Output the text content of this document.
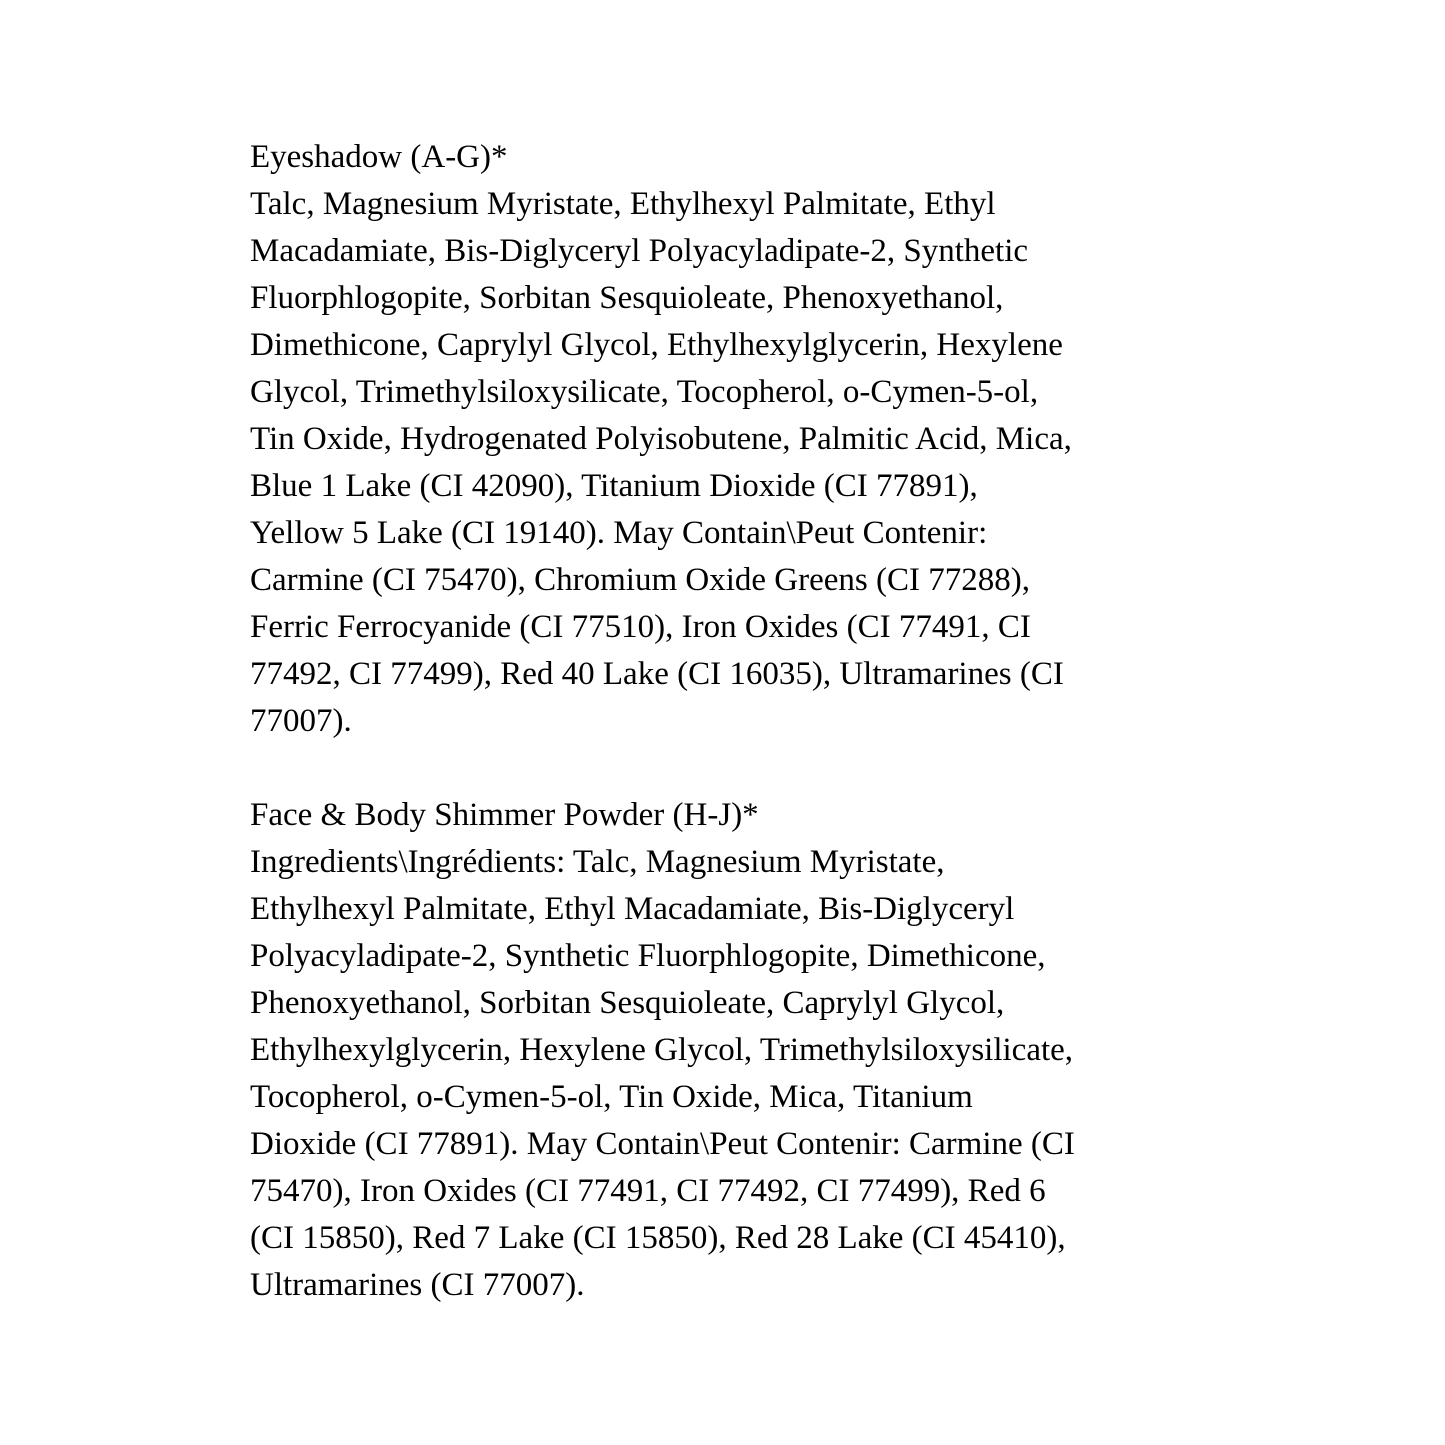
Eyeshadow (A-G)*
Talc, Magnesium Myristate, Ethylhexyl Palmitate, Ethyl
Macadamiate, Bis-Diglyceryl Polyacyladipate-2, Synthetic
Fluorphlogopite, Sorbitan Sesquioleate, Phenoxyethanol,
Dimethicone, Caprylyl Glycol, Ethylhexylglycerin, Hexylene
Glycol, Trimethylsiloxysilicate, Tocopherol, o-Cymen-5-ol,
Tin Oxide, Hydrogenated Polyisobutene, Palmitic Acid, Mica,
Blue 1 Lake (CI 42090), Titanium Dioxide (CI 77891),
Yellow 5 Lake (CI 19140). May Contain\Peut Contenir:
Carmine (CI 75470), Chromium Oxide Greens (CI 77288),
Ferric Ferrocyanide (CI 77510), Iron Oxides (CI 77491, CI
77492, CI 77499), Red 40 Lake (CI 16035), Ultramarines (CI
77007).
Face & Body Shimmer Powder (H-J)*
Ingredients\Ingrédients: Talc, Magnesium Myristate,
Ethylhexyl Palmitate, Ethyl Macadamiate, Bis-Diglyceryl
Polyacyladipate-2, Synthetic Fluorphlogopite, Dimethicone,
Phenoxyethanol, Sorbitan Sesquioleate, Caprylyl Glycol,
Ethylhexylglycerin, Hexylene Glycol, Trimethylsiloxysilicate,
Tocopherol, o-Cymen-5-ol, Tin Oxide, Mica, Titanium
Dioxide (CI 77891). May Contain\Peut Contenir: Carmine (CI
75470), Iron Oxides (CI 77491, CI 77492, CI 77499), Red 6
(CI 15850), Red 7 Lake (CI 15850), Red 28 Lake (CI 45410),
Ultramarines (CI 77007).
